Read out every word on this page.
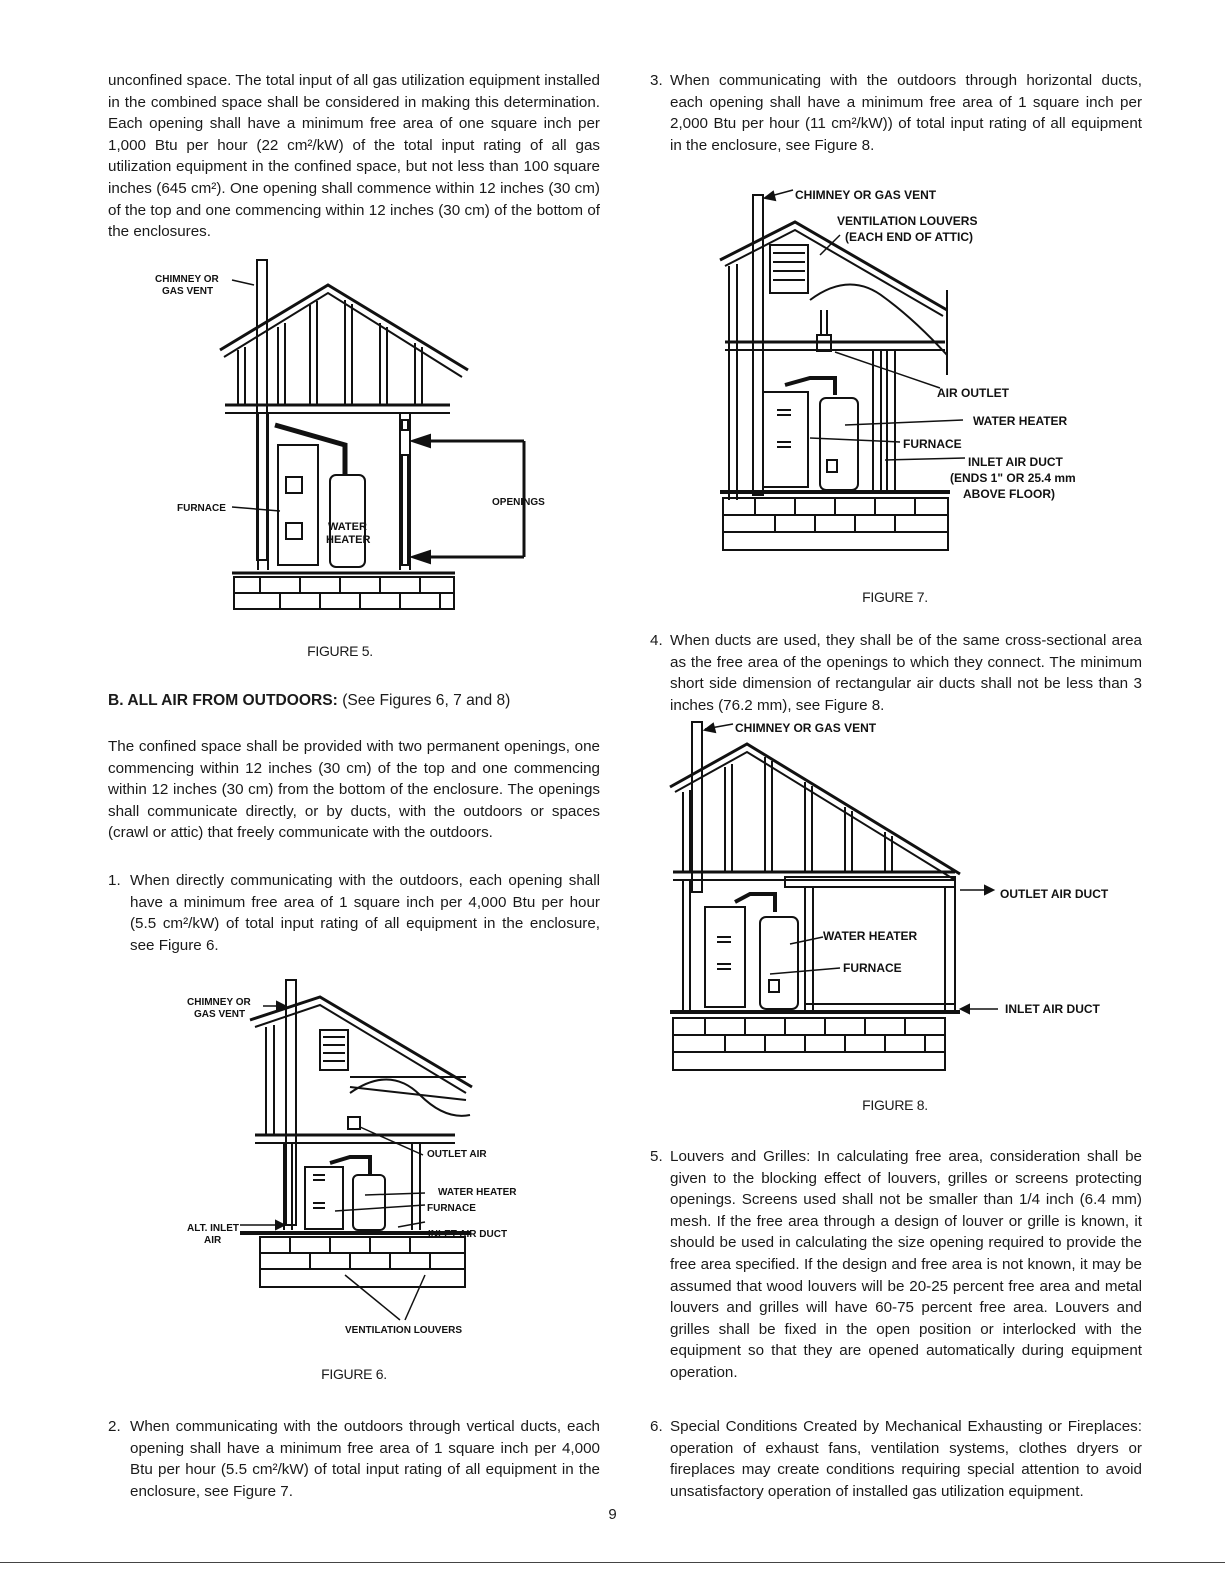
unconfined space. The total input of all gas utilization equipment installed in the combined space shall be considered in making this determination. Each opening shall have a minimum free area of one square inch per 1,000 Btu per hour (22 cm²/kW) of the total input rating of all gas utilization equipment in the confined space, but not less than 100 square inches (645 cm²). One opening shall commence within 12 inches (30 cm) of the top and one commencing within 12 inches (30 cm) of the bottom of the enclosures.

CHIMNEY OR
GAS VENT
FURNACE
WATER
HEATER
OPENINGS

FIGURE 5.

B. ALL AIR FROM OUTDOORS: (See Figures 6, 7 and 8)

The confined space shall be provided with two permanent openings, one commencing within 12 inches (30 cm) of the top and one commencing within 12 inches (30 cm) from the bottom of the enclosure. The openings shall communicate directly, or by ducts, with the outdoors or spaces (crawl or attic) that freely communicate with the outdoors.

1. When directly communicating with the outdoors, each opening shall have a minimum free area of 1 square inch per 4,000 Btu per hour (5.5 cm²/kW) of total input rating of all equipment in the enclosure, see Figure 6.

CHIMNEY OR
GAS VENT
OUTLET AIR
WATER HEATER
FURNACE
ALT. INLET
AIR
INLET AIR DUCT
VENTILATION LOUVERS

FIGURE 6.

2. When communicating with the outdoors through vertical ducts, each opening shall have a minimum free area of 1 square inch per 4,000 Btu per hour (5.5 cm²/kW) of total input rating of all equipment in the enclosure, see Figure 7.

3. When communicating with the outdoors through horizontal ducts, each opening shall have a minimum free area of 1 square inch per 2,000 Btu per hour (11 cm²/kW)) of total input rating of all equipment in the enclosure, see Figure 8.

CHIMNEY OR GAS VENT
VENTILATION LOUVERS
(EACH END OF ATTIC)
AIR OUTLET
WATER HEATER
FURNACE
INLET AIR DUCT
(ENDS 1" OR 25.4 mm
ABOVE FLOOR)

FIGURE 7.

4. When ducts are used, they shall be of the same cross-sectional area as the free area of the openings to which they connect. The minimum short side dimension of rectangular air ducts shall not be less than 3 inches (76.2 mm), see Figure 8.

CHIMNEY OR GAS VENT
OUTLET AIR DUCT
WATER HEATER
FURNACE
INLET AIR DUCT

FIGURE 8.

5. Louvers and Grilles: In calculating free area, consideration shall be given to the blocking effect of louvers, grilles or screens protecting openings. Screens used shall not be smaller than 1/4 inch (6.4 mm) mesh. If the free area through a design of louver or grille is known, it should be used in calculating the size opening required to provide the free area specified. If the design and free area is not known, it may be assumed that wood louvers will be 20-25 percent free area and metal louvers and grilles will have 60-75 percent free area. Louvers and grilles shall be fixed in the open position or interlocked with the equipment so that they are opened automatically during equipment operation.

6. Special Conditions Created by Mechanical Exhausting or Fireplaces: operation of exhaust fans, ventilation systems, clothes dryers or fireplaces may create conditions requiring special attention to avoid unsatisfactory operation of installed gas utilization equipment.

9
